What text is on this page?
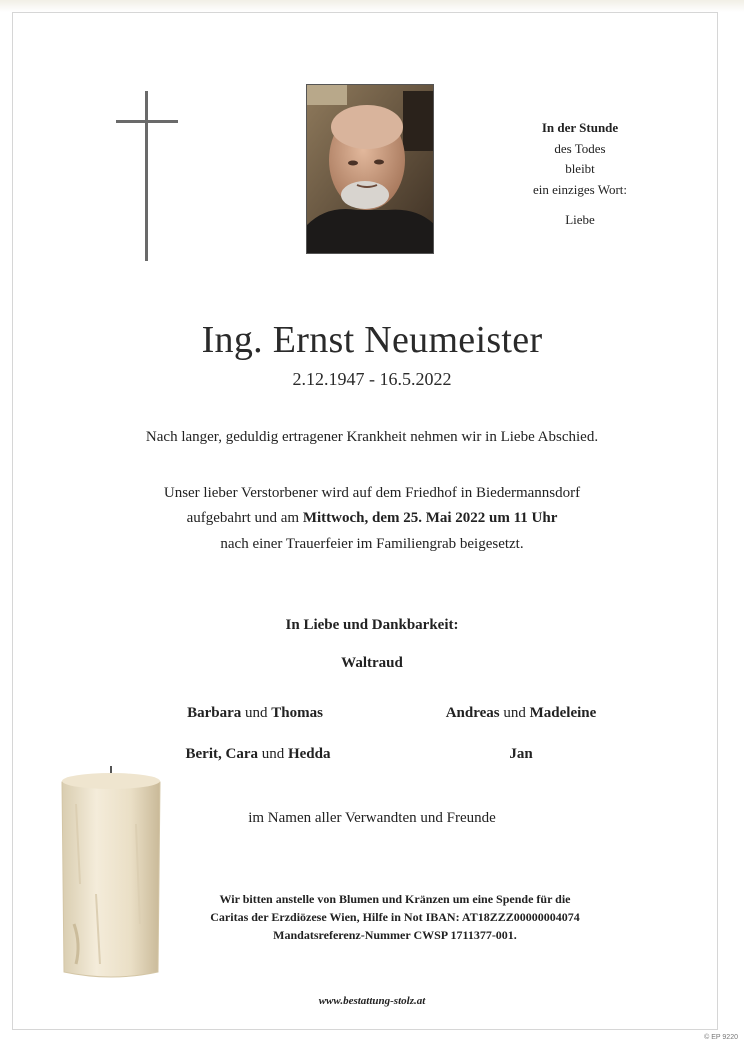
In der Stunde
des Todes
bleibt
ein einziges Wort:
Liebe
Ing. Ernst Neumeister
2.12.1947 - 16.5.2022
Nach langer, geduldig ertragener Krankheit nehmen wir in Liebe Abschied.
Unser lieber Verstorbener wird auf dem Friedhof in Biedermannsdorf
aufgebahrt und am Mittwoch, dem 25. Mai 2022 um 11 Uhr
nach einer Trauerfeier im Familiengrab beigesetzt.
In Liebe und Dankbarkeit:
Waltraud
Barbara und Thomas	Andreas und Madeleine
Berit, Cara und Hedda	Jan
im Namen aller Verwandten und Freunde
Wir bitten anstelle von Blumen und Kränzen um eine Spende für die
Caritas der Erzdiözese Wien, Hilfe in Not IBAN: AT18ZZZ00000004074
Mandatsreferenz-Nummer CWSP 1711377-001.
www.bestattung-stolz.at
© EP 9220
